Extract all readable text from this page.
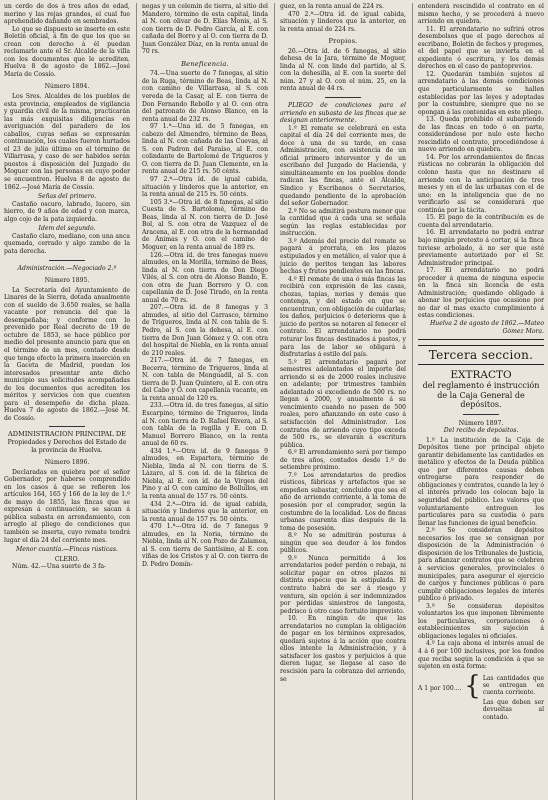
un cerdo de dos á tres años de edad, merino y las rejas grandes, el cual fue aprehendido dañando en sembrados.

Lo que se dispuesto se inserte en este Boletín oficial, á fin de que los que se crean con derecho á él puedan reclamarlo ante el Sr. Alcalde de la villa con los documentos que le acrediten. Huelva 8 de agosto de 1862.—José María de Cossío.

Número 1894.

Los Sres. Alcaldes de los pueblos de esta provincia, empleados de vigilancia y guardia civil de la misma, practicarán las más exquisitas diligencias en averiguación del paradero de los caballos, cuyas señas se expresarán continuación, los cuales fueron hurtados el 23 de julio último en el término de Villarrasa, y caso de ser habidos serán puestos á disposición del Juzgado de Moguer con las personas en cuyo poder se encuentren. Huelva 8 de agosto de 1862.—José María de Cossío.

Señas del primero.

Castaño oscuro, labrado, lucero, sin hierro, de 9 años de edad y con marca, algo cojo de la pata izquierda.

Idem del segundo.

Castaño claro, mediano, con una anca quemada, cerrado y algo zambo de la pata derecha.

Administración.—Negociado 2.º

Número 1895.

La Secretaría del Ayuntamiento de Linares de la Sierra, dotada anualmente con el sueldo de 3.650 reales, se halla vacante por renuncia del que la desempeñaba; y conforme con lo prevenido por Real decreto de 19 de octubre de 1853, se hace público por medio del presente anuncio para que en el término de un mes, contado desde que tenga efecto la primera inserción en la Gaceta de Madrid, puedan los interesados presentar ante dicho municipio sus solicitudes acompañadas de los documentos que acrediten los méritos y servicios con que cuenten para el desempeño de dicha plaza. Huelva 7 de agosto de 1862.—José M. de Cossío.

ADMINISTRACION PRINCIPAL DE

Propiedades y Derechos del Estado de la provincia de Huelva.

Número 1896.

Declaradas en quiebra por el señor Gobernador, por haberse comprendido en los casos á que se refieren los artículos 164, 165 y 166 de la ley de 1.º de mayo de 1855, las fincas que se expresan á continuación, se sacan á pública subasta en arrendamiento, con arreglo al pliego de condiciones que también se inserta, cuyo remate tendrá lugar el día 24 del corriente mes.

Menor cuantía.—Fincas rústicas.

CLERO.

Núm. 42.—Una suerte de 3 fa-

negas y un celemín de tierra, al sitio del Mandero, término de esta capital, linda al N. con olivar de D. Elías Monis, al S. con tierra de D. Pedro García, al E. con cañada del Borro y al O. con tierra de D. Juan González Díaz, en la renta anual de 70 rs.

Beneficencia.

74.—Una suerte de 7 fanegas, al sitio de la Ruga, término de Beas, linda al N. con camino de Villarrasa, al S. con vereda de la Casar, al E. con tierra de Don Fernando Rebollo y al O. con otra del patronato de Alonso Blanco, en la renta anual de 232 rs.

97 1.ª—Una id. de 5 fanegas, en cabezo del Almendro, término de Beas, linda al N. con cañada de las Cuevas, al S. con Padron del Paraíso, al E. con colindante de Bartolomé de Trigueros y O. con tierra de D. Juan Clemente, en la renta anual de 215 rs. 50 cénts.

97 2.ª—Otra íd. de igual cabida, situación y linderos que la anterior, en la renta anual de 215 rs. 50 cénts.

105 3.ª—Otra íd. de 8 fanegas, al sitio Cuesta de S. Bartolomé, término de Beas, linda al N. con tierra de D. José Bol, al S. con otra de Vazquez el de Aracena, al E. con otra de la hermandad de Ánimas y O. con el camino de Moguer, en la renta anual de 189 rs.

126.—Otra íd. de tres fanegas nueve almudes, en la Morilla, término de Beas, linda al N. con tierra de Don Diego Vilés, al S. con otra de Alonso Bando, E. con otra de Juan Borrero y O. con capellanía de D. José Tirado, en la renta anual de 70 rs.

207.—Otra íd. de 8 fanegas y 3 almudes, al sitio del Carrasco, término de Trigueros, linda al N. con tabla de S. Pedro, al S. con la dehesa, al E. con tierra de Don Juan Gómez y O. con otra del hospital de Niebla, en la renta anual de 210 reales.

217.—Otra íd. de 7 fanegas, en Becerra, término de Trigueros, linda al N. con tabla de Menguadil, al S. con tierra de D. Juan Quintero, al E. con otra del Cabo y O. con capellanía vacante, en la renta anual de 120 rs.

233.—Otra íd. de tres fanegas, al sitio Escarpino, término de Trigueros, linda al N. con tierra de D. Rafael Rivera, al S. con tabla de la regilla y E. con D. Manuel Borrero Blanco, en la renta anual de 60 rs.

434 1.ª—Otra id. de 9 fanegas 9 almudes, en Espartera, término de Niebla, linda al N. con tierra de S. Lázaro, al S. con id. de la fábrica de Niebla, al E. con íd. de la Virgen del Pino y al O. con camino de Bollullos, en la renta anual de 157 rs. 50 cénts.

434 2.ª—Otra íd. de igual cabida, situación y linderos que la anterior, en la renta anual de 157 rs. 50 cénts.

470 1.ª—Otra íd. de 7 fanegas 9 almudes, en la Noria, término de Niebla, linda al N. con Pozo de Zalamea, al S. con tierra de Santísimo, al E. con viñas de los Cristos y al O. con tierra de D. Pedro Domín-

guez, en la renta anual de 224 rs.

470 2.ª—Otra íd. de igual cabida, situación y linderos que la anterior, en la renta anual de 224 rs.

Propios.

26.—Otra íd. de 6 fanegas, al sitio dehesa de la Jara, término de Moguer, linda al N. con linde del partido, al S. con la dehesilla, al E. con la suerte del núm. 27 y al O. con el núm. 25, en la renta anual de 44 rs.

PLIEGO de condiciones para el arriendo en subasta de las fincas que se designan anteriormente.

1.º El remate se celebrará en esta capital el día 24 del corriente mes, de doce á una de su tarde, en casa Administración, con asistencia de un oficial primero interventor y de un escribano del Juzgado de Hacienda, y simultáneamente en los pueblos donde radican las fincas, ante el Alcalde, Síndico y Escribanos ó Secretarios, quedando pendiente de la aprobación del señor Gobernador.

2.º No se admitirá postura menor que la cantidad que á cada una se señala según las reglas establecidas por instrucción.

3.º Además del precio del remate se pagará á prorrata, en los plazos estipulados y en metálico, el valor que á juicio de peritos tengan las labores hechas y frutos pendientes en las fincas.

4.º El remate de una ó más fincas las recibirá con expresión de las casas, chozas, tapias, norias y demás que contenga, y del estado en que se encuentran, con obligación de cuidarlas; los daños, perjuicios ó deterioros que á juicio de peritos se notaren al fenecer el contrato. El arrendatario no podrá roturar los fincas destinados á pastos, y para las de labor se obligará á disfrutarlas á estilo del país.

5.º El arrendatario pagará por semestres adelantados el importe del arriendo si es de 2000 reales inclusive en adelante; por trimestres también adelantado si excediendo de 500 rs. no llegan á 2000, y anualmente á su vencimiento cuando no pasen de 500 reales, pero afianzando en este caso á satisfacción del Administrador. Los contratos de arriendo cuyo tipo exceda de 500 rs., se elevarán á escritura pública.

6.º El arrendamiento será por tiempo de tres años, contados desde 1.º de setiembre próximo.

7.º Los arrendatarios de predios rústicos, fábricas y artefactos que se empeñen subastar, concluido que sea el año de arriendo corriente, á la toma de posesión por el comprador, según la costumbre de la localidad. Los de fincas urbanas cuarenta días después de la toma de posesión.

8.º No se admitirán posturas á ningún que sea deudor á los fondos públicos.

9.º Nunca permitido á los arrendatarios poder perdón o rebaja, ni solicitar pagar en otros plazos ni distinta especie que la estipulada. El contrato habrá de ser á riesgo y ventura, sin opción á ser indemnizados por pérdidas siniestros de langosta, pedrisco ú otro caso fortuito imprevisto.

10. En ningún de que las arrendatarios no cumplan la obligación de pagar en los términos expresados, quedará sujetos á la acción que contra ellos intente la Administración, y á satisfacer los gastos y perjuicios á que dieren lugar, se llegase al caso de rescisión para la cobranza del arriendo, se

entenderá rescindido el contrato en el mismo hecho, y se procederá á nuevo arriendo en quiebra.

11. El arrendatario no sufrirá otros desembolsos que el pago derechos al escribano, Boletín de fechos y pregones, el del papel que se invierta en el expediente ó escritura, y los demás derechos en el caso de pantoprevios.

12. Quedarán también sujetos al arrendatario á las demás condiciones que particularmente se hallen establecidas por las leyes y adoptadas por la costumbre, siempre que no se opongan á las contenidas en este pliego.

13. Queda prohibido el subarriendo de las fincas en todo ó en parte, considerándose por nulo este hecho rescindido el contrato, procediéndose á nuevo arriendo en quiebra.

14. Por los arrendamientos de fincas rústicas no cobrarán la obligación del colono hasta que no destinare el arriendo con la anticipación de tres meses y en el de las urbanas con el de uno; en la inteligencia que de no verificarlo así se considerará que continúa por la tácita.

15. El pago de la contribución es de cuenta del arrendatario.

16. El arrendatario no podrá entrar bajo ningún pretexto á cortar, si la finca tuviese arbolado, á no ser que esté previamente autorizado por el Sr. Administrador principal.

17. El arrendatario no podrá proceder á quema de ninguna especie en la finca sin licencia de esta Administración; quedando obligado á abonar los perjuicios que ocasione por no dar el mas exacto cumplimiento á estas condiciones.

Huelva 2 de agosto de 1862.—Mateo Gómez Mora.

Tercera seccion.

EXTRACTO

del reglamento é instrucción de la Caja General de depósitos.

Número 1897.

Del recibo de depósitos.

1.º La institución de la Caja de Depósitos tiene por principal objeto garantir debidamente las cantidades en metálico y efectos de la Deuda pública que por diferentes causas deben entregarse para responder de obligaciones y contratos, cuando la ley ó el interés privado los colocan bajo la seguridad del público. Los valores que voluntariamente entreguen los particulares para su custodia ó para llenar las funciones de igual beneficio.

2.º Se consideran depósitos necesarios los que se consignan por disposición de la Administración ó disposición de los Tribunales de Justicia, para afianzar contratos que se celebren á servicios generales, provinciales ó municipales, para asegurar el ejercicio de cargos y funciones públicas ó para cumplir obligaciones legales de interés público ó privado.

3.º Se consideran depósitos voluntarios los que imponen libremente los particulares, corporaciones ó establecimientos sin sujeción á obligaciones legales ni oficiales.

4.º La caja abona el interés anual de 4 á 6 por 100 inclusives, por los fondos que reciba según la condición á que se sujeten en esta forma:

A 1 por 100.... { Las cantidades que se entregan en cuenta corriente.
Las que deben ser devueltas al contado.
